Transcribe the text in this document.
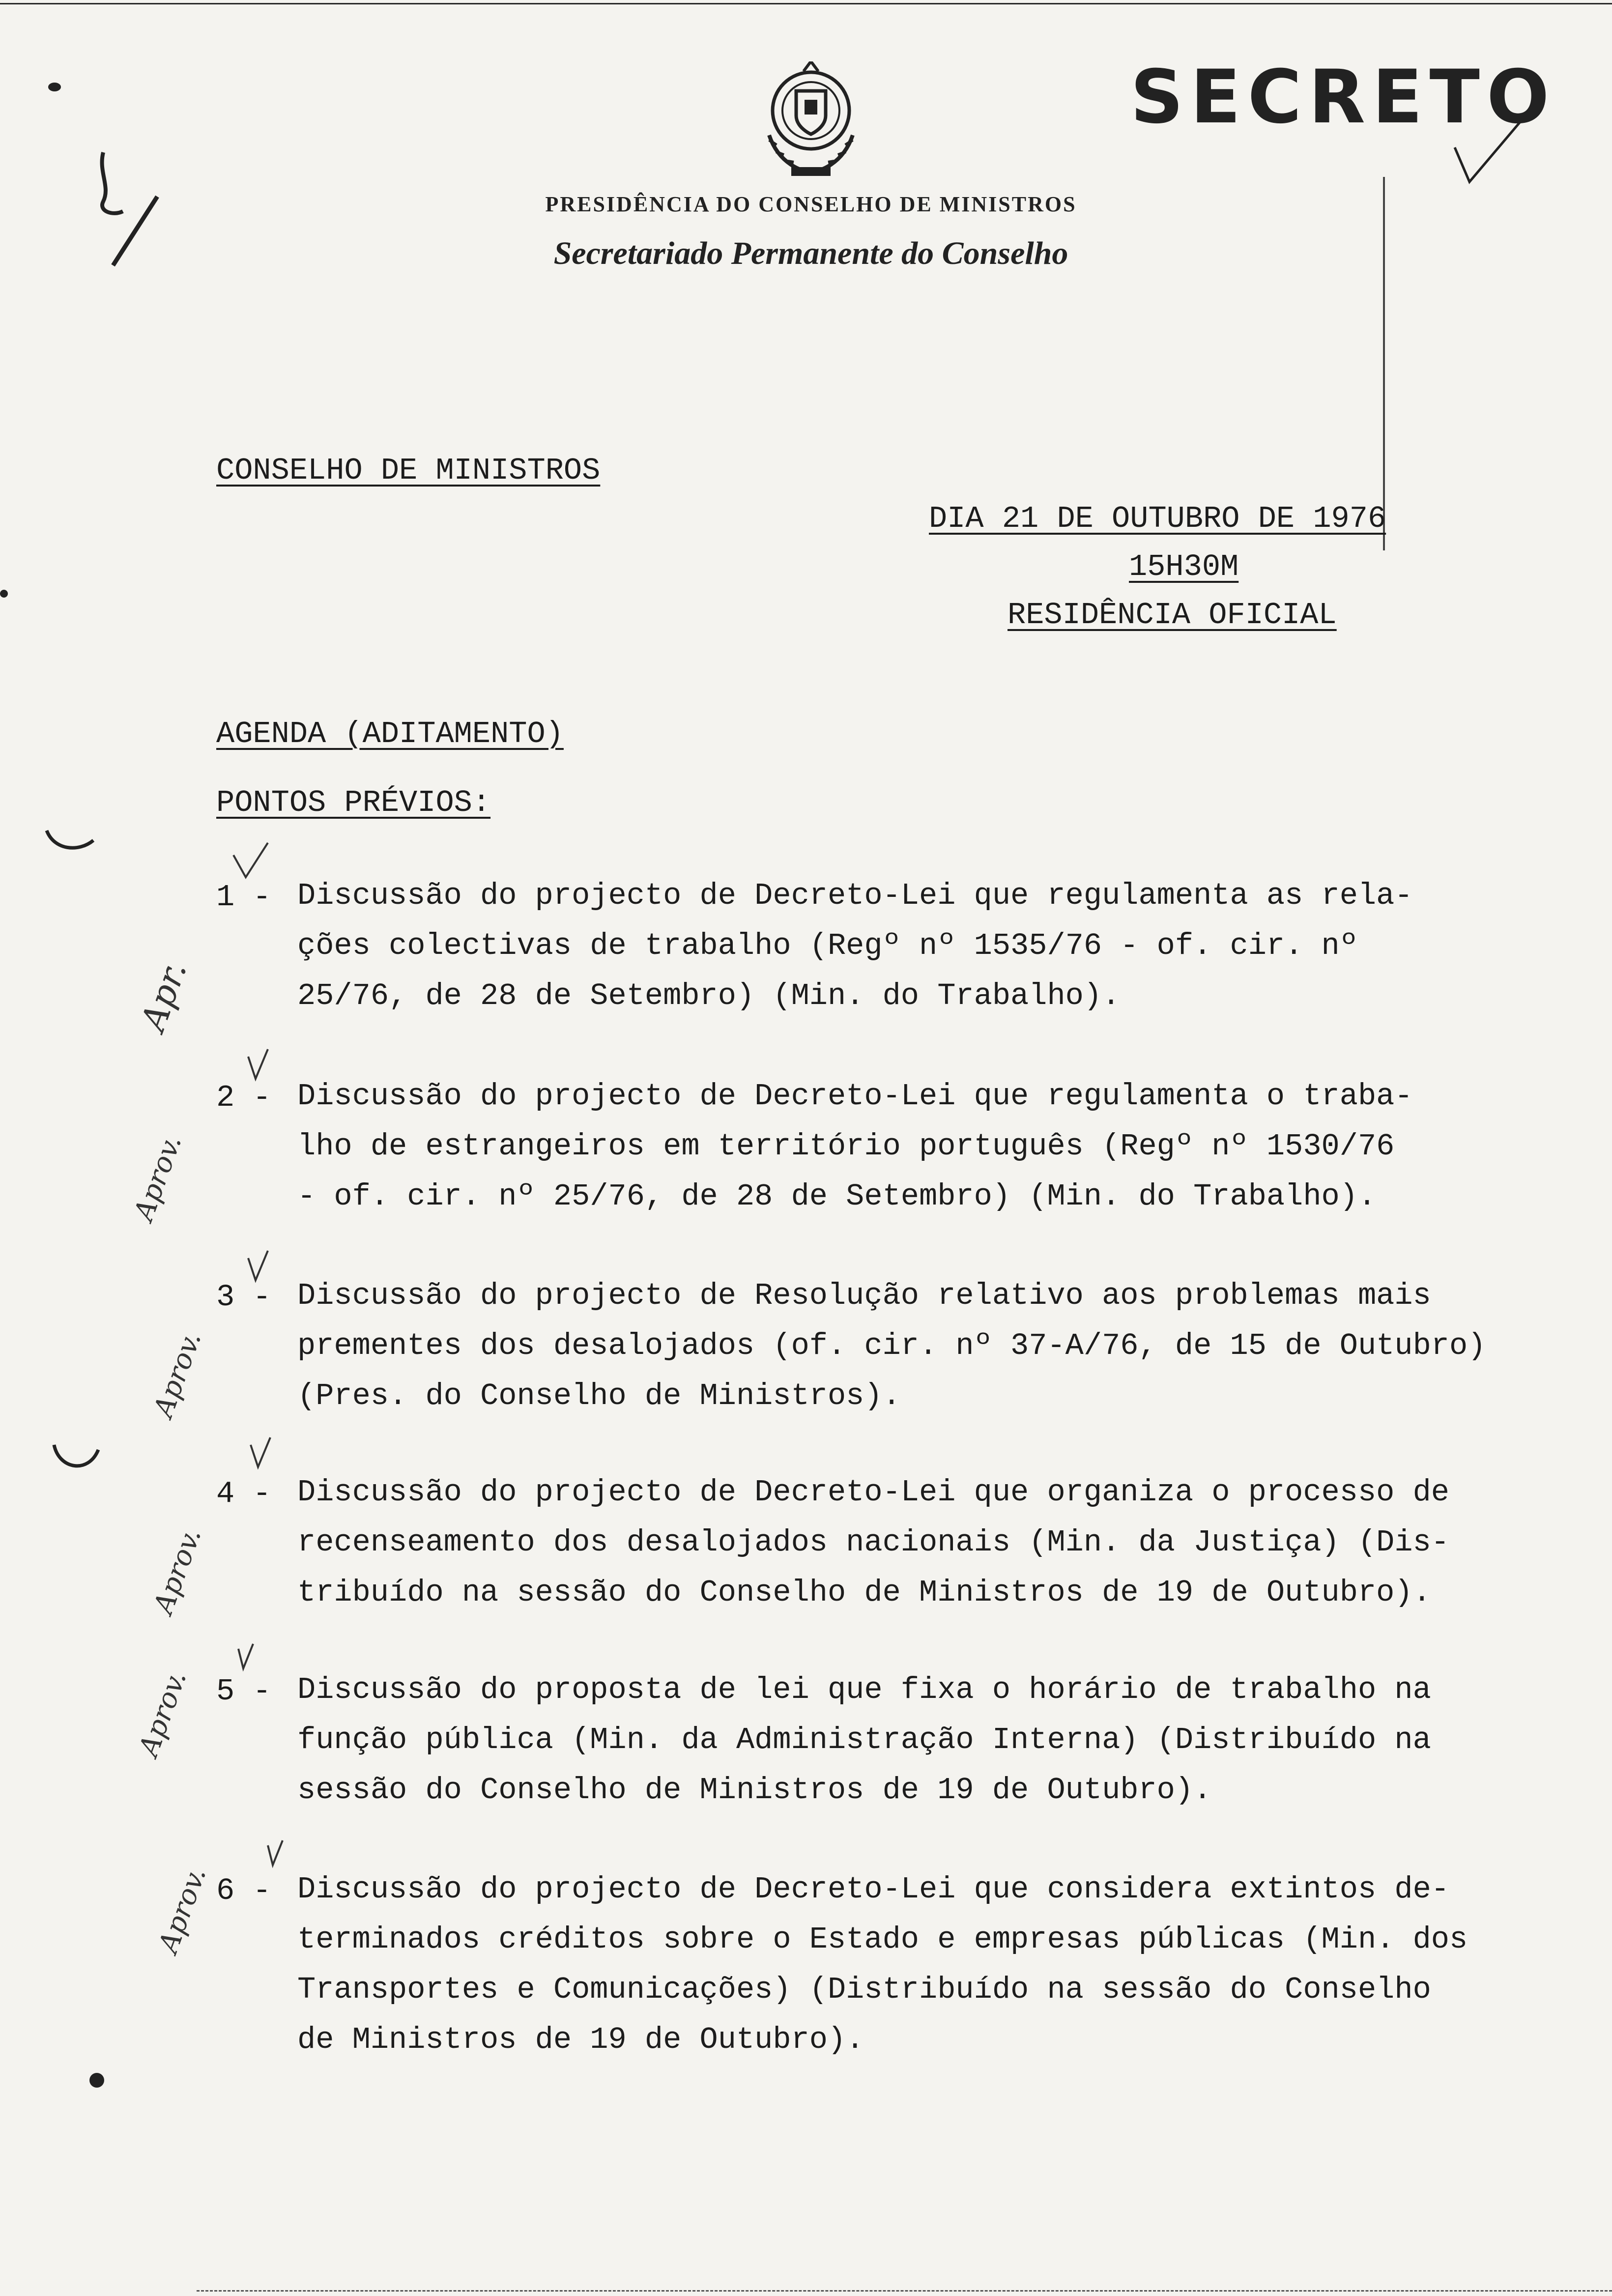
SECRETO
PRESIDÊNCIA DO CONSELHO DE MINISTROS
Secretariado Permanente do Conselho
CONSELHO DE MINISTROS
DIA 21 DE OUTUBRO DE 1976
15H30M
RESIDÊNCIA OFICIAL
AGENDA (ADITAMENTO)
PONTOS PRÉVIOS:
1 - Discussão do projecto de Decreto-Lei que regulamenta as rela-
ções colectivas de trabalho (Regº nº 1535/76 - of. cir. nº
25/76, de 28 de Setembro) (Min. do Trabalho).
Apr.
2 - Discussão do projecto de Decreto-Lei que regulamenta o traba-
lho de estrangeiros em território português (Regº nº 1530/76
- of. cir. nº 25/76, de 28 de Setembro) (Min. do Trabalho).
Aprov.
3 - Discussão do projecto de Resolução relativo aos problemas mais
prementes dos desalojados (of. cir. nº 37-A/76, de 15 de Outubro)
(Pres. do Conselho de Ministros).
Aprov.
4 - Discussão do projecto de Decreto-Lei que organiza o processo de
recenseamento dos desalojados nacionais (Min. da Justiça) (Dis-
tribuído na sessão do Conselho de Ministros de 19 de Outubro).
Aprov.
5 - Discussão do proposta de lei que fixa o horário de trabalho na
função pública (Min. da Administração Interna) (Distribuído na
sessão do Conselho de Ministros de 19 de Outubro).
Aprov.
6 - Discussão do projecto de Decreto-Lei que considera extintos de-
terminados créditos sobre o Estado e empresas públicas (Min. dos
Transportes e Comunicações) (Distribuído na sessão do Conselho
de Ministros de 19 de Outubro).
Aprov.
